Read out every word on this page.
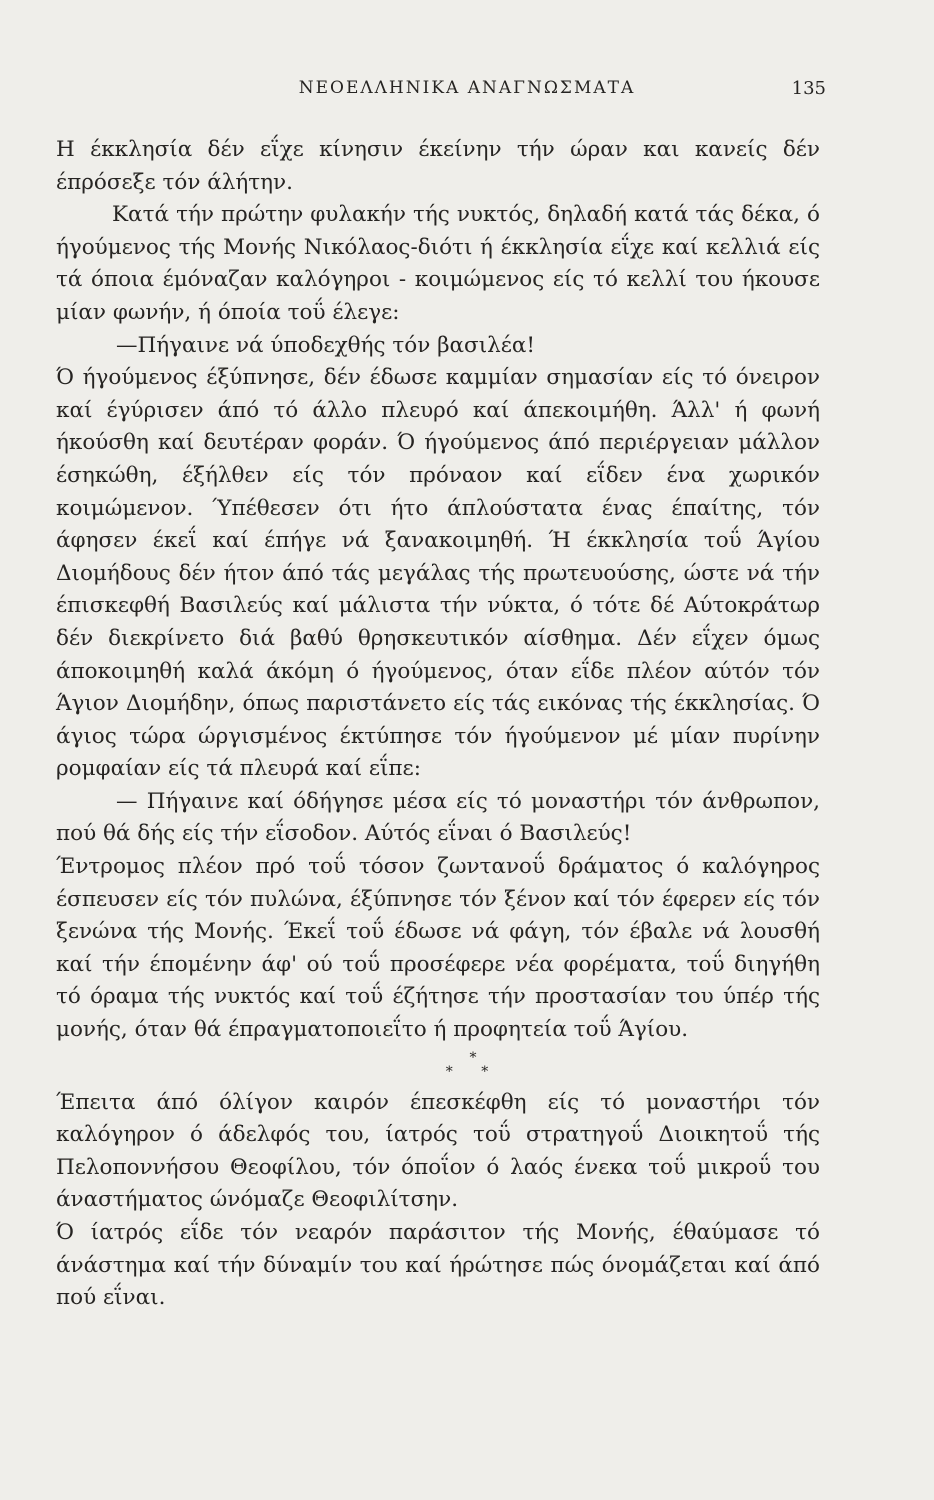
ΝΕΟΕΛΛΗΝΙΚΑ ΑΝΑΓΝΩΣΜΑΤΑ	135

Η έκκλησία δέν εΐχε κίνησιν έκείνην τήν ώραν και κανείς δέν έπρόσεξε τόν άλήτην.

Κατά τήν πρώτην φυλακήν τής νυκτός, δηλαδή κατά τάς δέκα, ό ήγούμενος τής Μονής Νικόλαος-διότι ή έκκλησία εΐχε καί κελλιά είς τά όποια έμόναζαν καλόγηροι - κοιμώμενος είς τό κελλί του ήκουσε μίαν φωνήν, ή όποία τοΰ έλεγε:

—Πήγαινε νά ύποδεχθής τόν βασιλέα!

Ό ήγούμενος έξύπνησε, δέν έδωσε καμμίαν σημασίαν είς τό όνειρον καί έγύρισεν άπό τό άλλο πλευρό καί άπεκοιμήθη. Άλλ' ή φωνή ήκούσθη καί δευτέραν φοράν. Ό ήγούμενος άπό περιέργειαν μάλλον έσηκώθη, έξήλθεν είς τόν πρόναον καί εΐδεν ένα χωρικόν κοιμώμενον. Ύπέθεσεν ότι ήτο άπλούστατα ένας έπαίτης, τόν άφησεν έκεΐ καί έπήγε νά ξανακοιμηθή. Ή έκκλησία τοΰ Άγίου Διομήδους δέν ήτον άπό τάς μεγάλας τής πρωτευούσης, ώστε νά τήν έπισκεφθή Βασιλεύς καί μάλιστα τήν νύκτα, ό τότε δέ Αύτοκράτωρ δέν διεκρίνετο διά βαθύ θρησκευτικόν αίσθημα. Δέν εΐχεν όμως άποκοιμηθή καλά άκόμη ό ήγούμενος, όταν εΐδε πλέον αύτόν τόν Άγιον Διομήδην, όπως παριστάνετο είς τάς εικόνας τής έκκλησίας. Ό άγιος τώρα ώργισμένος έκτύπησε τόν ήγούμενον μέ μίαν πυρίνην ρομφαίαν είς τά πλευρά καί εΐπε:

— Πήγαινε καί όδήγησε μέσα είς τό μοναστήρι τόν άνθρωπον, πού θά δής είς τήν εΐσοδον. Αύτός εΐναι ό Βασιλεύς!

Έντρομος πλέον πρό τοΰ τόσον ζωντανοΰ δράματος ό καλόγηρος έσπευσεν είς τόν πυλώνα, έξύπνησε τόν ξένον καί τόν έφερεν είς τόν ξενώνα τής Μονής. Έκεΐ τοΰ έδωσε νά φάγη, τόν έβαλε νά λουσθή καί τήν έπομένην άφ' ού τοΰ προσέφερε νέα φορέματα, τοΰ διηγήθη τό όραμα τής νυκτός καί τοΰ έζήτησε τήν προστασίαν του ύπέρ τής μονής, όταν θά έπραγματοποιεΐτο ή προφητεία τοΰ Άγίου.

*
* *

Έπειτα άπό όλίγον καιρόν έπεσκέφθη είς τό μοναστήρι τόν καλόγηρον ό άδελφός του, ίατρός τοΰ στρατηγοΰ Διοικητοΰ τής Πελοποννήσου Θεοφίλου, τόν όποΐον ό λαός ένεκα τοΰ μικροΰ του άναστήματος ώνόμαζε Θεοφιλίτσην.

Ό ίατρός εΐδε τόν νεαρόν παράσιτον τής Μονής, έθαύμασε τό άνάστημα καί τήν δύναμίν του καί ήρώτησε πώς όνομάζεται καί άπό πού εΐναι.
